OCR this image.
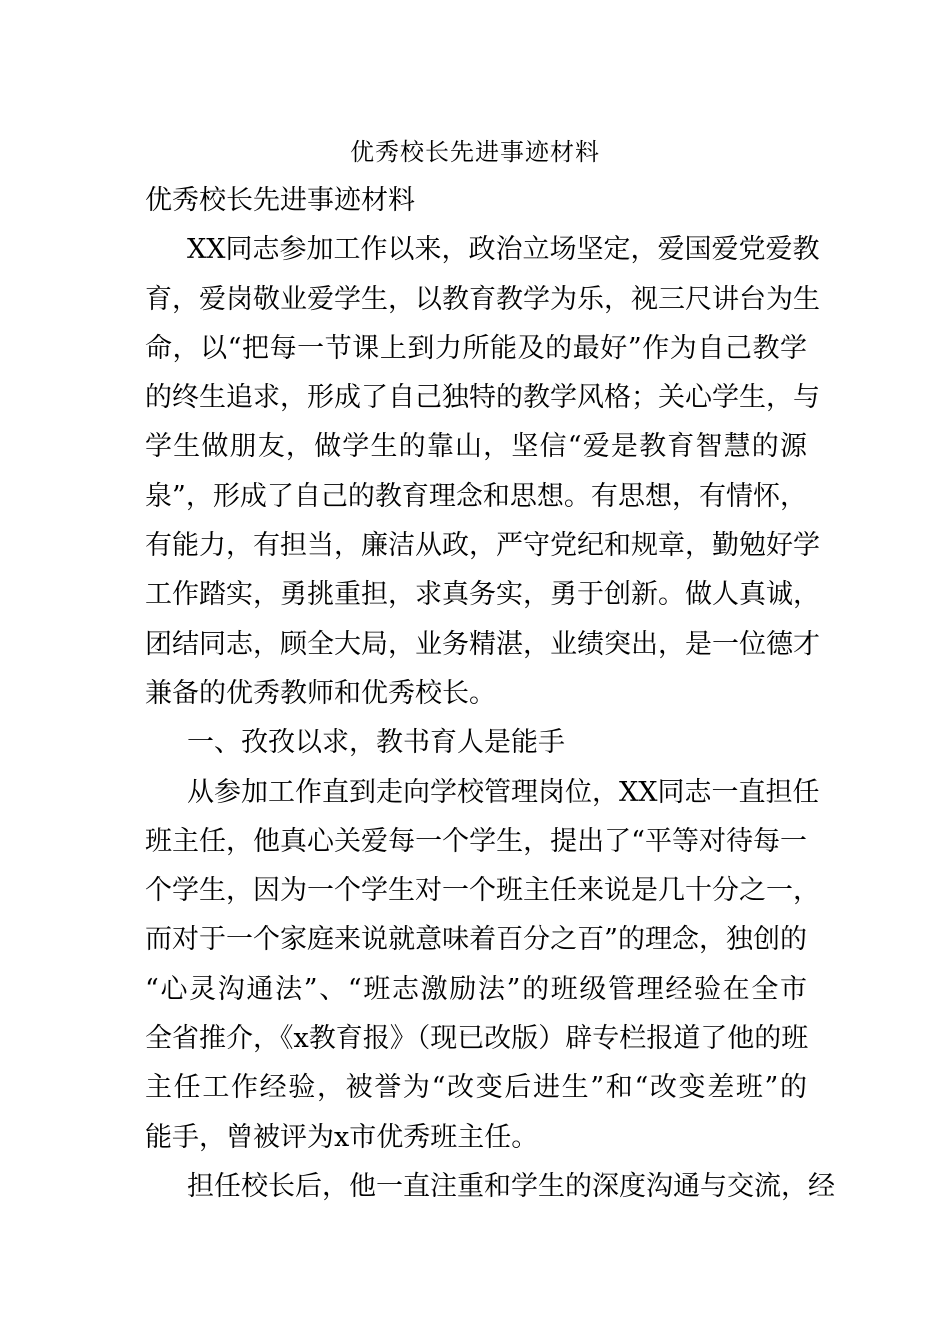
优秀校长先进事迹材料
优秀校长先进事迹材料
XX同志参加工作以来，政治立场坚定，爱国爱党爱教
育，爱岗敬业爱学生，以教育教学为乐，视三尺讲台为生
命，以“把每一节课上到力所能及的最好”作为自己教学
的终生追求，形成了自己独特的教学风格；关心学生，与
学生做朋友，做学生的靠山，坚信“爱是教育智慧的源
泉”，形成了自己的教育理念和思想。有思想，有情怀，
有能力，有担当，廉洁从政，严守党纪和规章，勤勉好学
工作踏实，勇挑重担，求真务实，勇于创新。做人真诚，
团结同志，顾全大局，业务精湛，业绩突出，是一位德才
兼备的优秀教师和优秀校长。
一、孜孜以求，教书育人是能手
从参加工作直到走向学校管理岗位，XX同志一直担任
班主任，他真心关爱每一个学生，提出了“平等对待每一
个学生，因为一个学生对一个班主任来说是几十分之一，
而对于一个家庭来说就意味着百分之百”的理念，独创的
“心灵沟通法”、“班志激励法”的班级管理经验在全市
全省推介，《x教育报》（现已改版）辟专栏报道了他的班
主任工作经验，被誉为“改变后进生”和“改变差班”的
能手，曾被评为x市优秀班主任。
担任校长后，他一直注重和学生的深度沟通与交流，经
